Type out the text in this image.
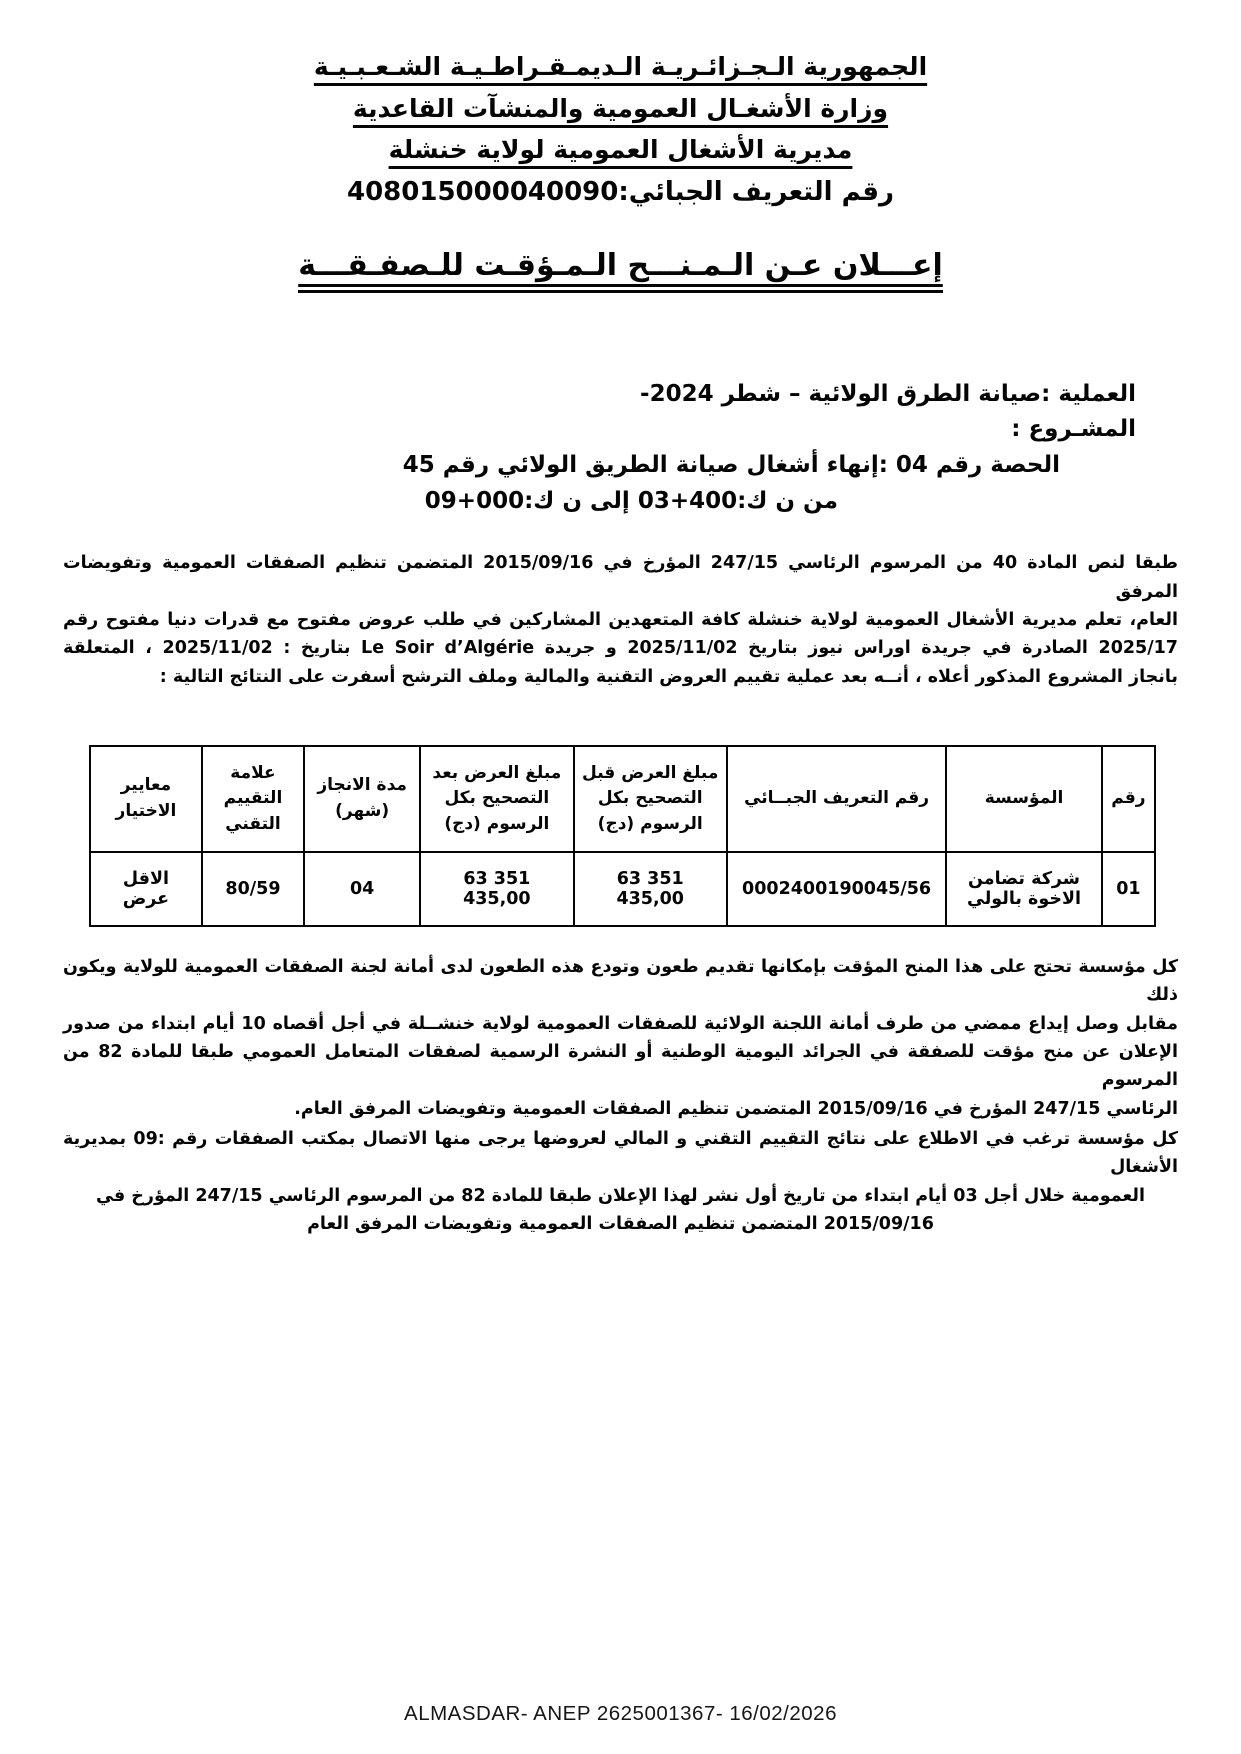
الجمهورية الـجـزائـريـة الـديمـقـراطـيـة الشـعـبـيـة
وزارة الأشغـال العمومية والمنشآت القاعدية
مديرية الأشغال العمومية لولاية خنشلة
رقم التعريف الجبائي:408015000040090
إعـــلان عـن الـمـنـــح الـمـؤقـت للـصفـقـــة
العملية :صيانة الطرق الولائية – شطر 2024-
المشـروع :
الحصة رقم 04 :إنهاء أشغال صيانة الطريق الولائي رقم 45
من ن ك:400+03 إلى ن ك:000+09
طبقا لنص المادة 40 من المرسوم الرئاسي 247/15 المؤرخ في 2015/09/16 المتضمن تنظيم الصفقات العمومية وتفويضات المرفق
العام، تعلم مديرية الأشغال العمومية لولاية خنشلة كافة المتعهدين المشاركين في طلب عروض مفتوح مع قدرات دنيا مفتوح رقم
2025/17 الصادرة في جريدة اوراس نيوز بتاريخ 2025/11/02 و جريدة Le Soir d’Algérie بتاريخ : 2025/11/02 ، المتعلقة
بانجاز المشروع المذكور أعلاه ، أنــه بعد عملية تقييم العروض التقنية والمالية وملف الترشح أسفرت على النتائج التالية :
رقم	المؤسسة	رقم التعريف الجبــائي	مبلغ العرض قبل التصحيح بكل الرسوم (دج)	مبلغ العرض بعد التصحيح بكل الرسوم (دج)	مدة الانجاز (شهر)	علامة التقييم التقني	معايير الاختيار
01	شركة تضامن الاخوة بالولي	0002400190045/56	63 351 435,00	63 351 435,00	04	80/59	الاقل عرض
كل مؤسسة تحتج على هذا المنح المؤقت بإمكانها تقديم طعون وتودع هذه الطعون لدى أمانة لجنة الصفقات العمومية للولاية ويكون ذلك
مقابل وصل إيداع ممضي من طرف أمانة اللجنة الولائية للصفقات العمومية لولاية خنشــلة في أجل أقصاه 10 أيام ابتداء من صدور
الإعلان عن منح مؤقت للصفقة في الجرائد اليومية الوطنية أو النشرة الرسمية لصفقات المتعامل العمومي طبقا للمادة 82 من المرسوم
الرئاسي 247/15 المؤرخ في 2015/09/16 المتضمن تنظيم الصفقات العمومية وتفويضات المرفق العام.
كل مؤسسة ترغب في الاطلاع على نتائج التقييم التقني و المالي لعروضها يرجى منها الاتصال بمكتب الصفقات رقم :09 بمديرية الأشغال
العمومية خلال أجل 03 أيام ابتداء من تاريخ أول نشر لهذا الإعلان طبقا للمادة 82 من المرسوم الرئاسي 247/15 المؤرخ في
2015/09/16 المتضمن تنظيم الصفقات العمومية وتفويضات المرفق العام
ALMASDAR- ANEP 2625001367- 16/02/2026
